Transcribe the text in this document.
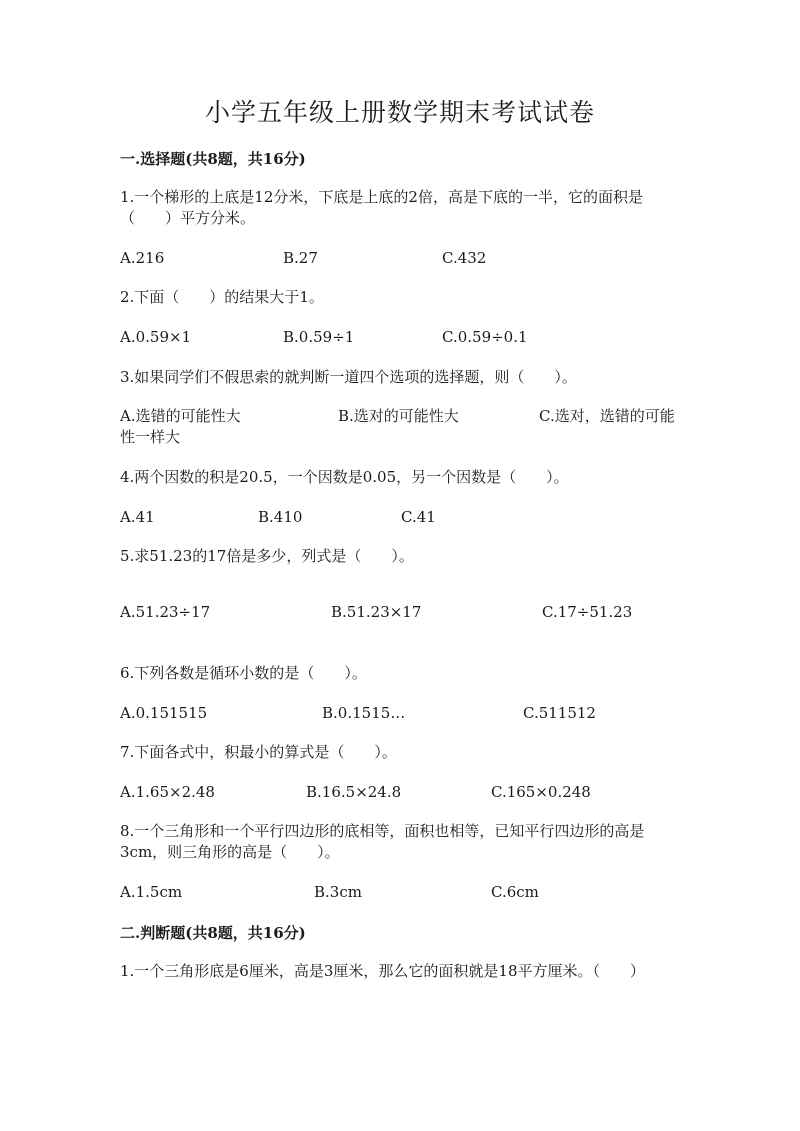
小学五年级上册数学期末考试试卷
一.选择题(共8题，共16分)
1.一个梯形的上底是12分米，下底是上底的2倍，高是下底的一半，它的面积是（　　）平方分米。
A.216	B.27	C.432
2.下面（　　）的结果大于1。
A.0.59×1	B.0.59÷1	C.0.59÷0.1
3.如果同学们不假思索的就判断一道四个选项的选择题，则（　　）。
A.选错的可能性大	B.选对的可能性大	C.选对，选错的可能性一样大
4.两个因数的积是20.5，一个因数是0.05，另一个因数是（　　）。
A.41	B.410	C.41
5.求51.23的17倍是多少，列式是（　　）。
A.51.23÷17	B.51.23×17	C.17÷51.23
6.下列各数是循环小数的是（　　）。
A.0.151515	B.0.1515…	C.511512
7.下面各式中，积最小的算式是（　　）。
A.1.65×2.48	B.16.5×24.8	C.165×0.248
8.一个三角形和一个平行四边形的底相等，面积也相等，已知平行四边形的高是3cm，则三角形的高是（　　）。
A.1.5cm	B.3cm	C.6cm
二.判断题(共8题，共16分)
1.一个三角形底是6厘米，高是3厘米，那么它的面积就是18平方厘米。（　　）
